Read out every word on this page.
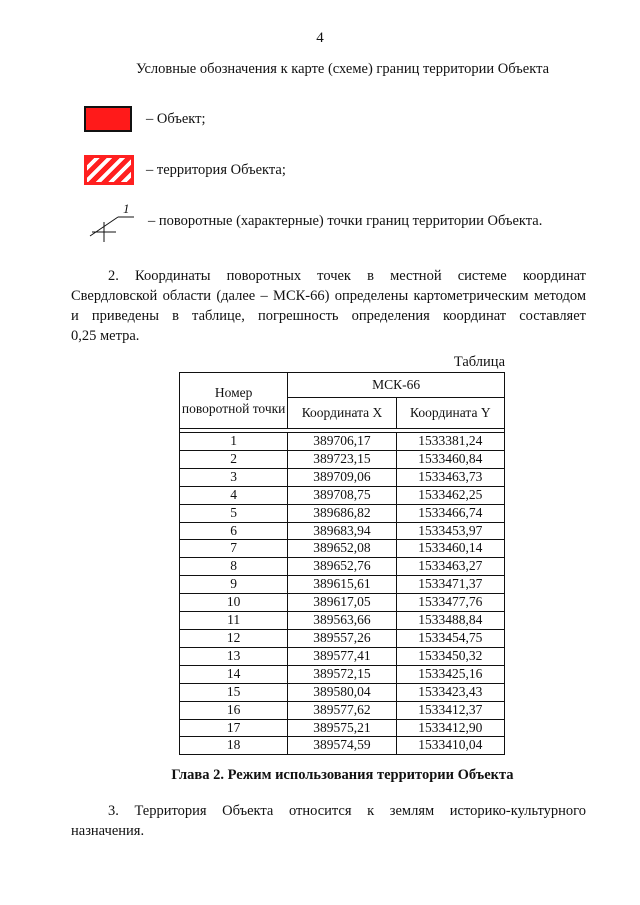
4
Условные обозначения к карте (схеме) границ территории Объекта
– Объект;
– территория Объекта;
1
– поворотные (характерные) точки границ территории Объекта.
2. Координаты поворотных точек в местной системе координат
Свердловской области (далее – МСК-66) определены картометрическим методом
и приведены в таблице, погрешность определения координат составляет
0,25 метра.
Таблица
Номер поворотной точки	МСК-66	
	Координата X	Координата Y

1	389706,17	1533381,24
2	389723,15	1533460,84
3	389709,06	1533463,73
4	389708,75	1533462,25
5	389686,82	1533466,74
6	389683,94	1533453,97
7	389652,08	1533460,14
8	389652,76	1533463,27
9	389615,61	1533471,37
10	389617,05	1533477,76
11	389563,66	1533488,84
12	389557,26	1533454,75
13	389577,41	1533450,32
14	389572,15	1533425,16
15	389580,04	1533423,43
16	389577,62	1533412,37
17	389575,21	1533412,90
18	389574,59	1533410,04
Глава 2. Режим использования территории Объекта
3. Территория Объекта относится к землям историко-культурного
назначения.
